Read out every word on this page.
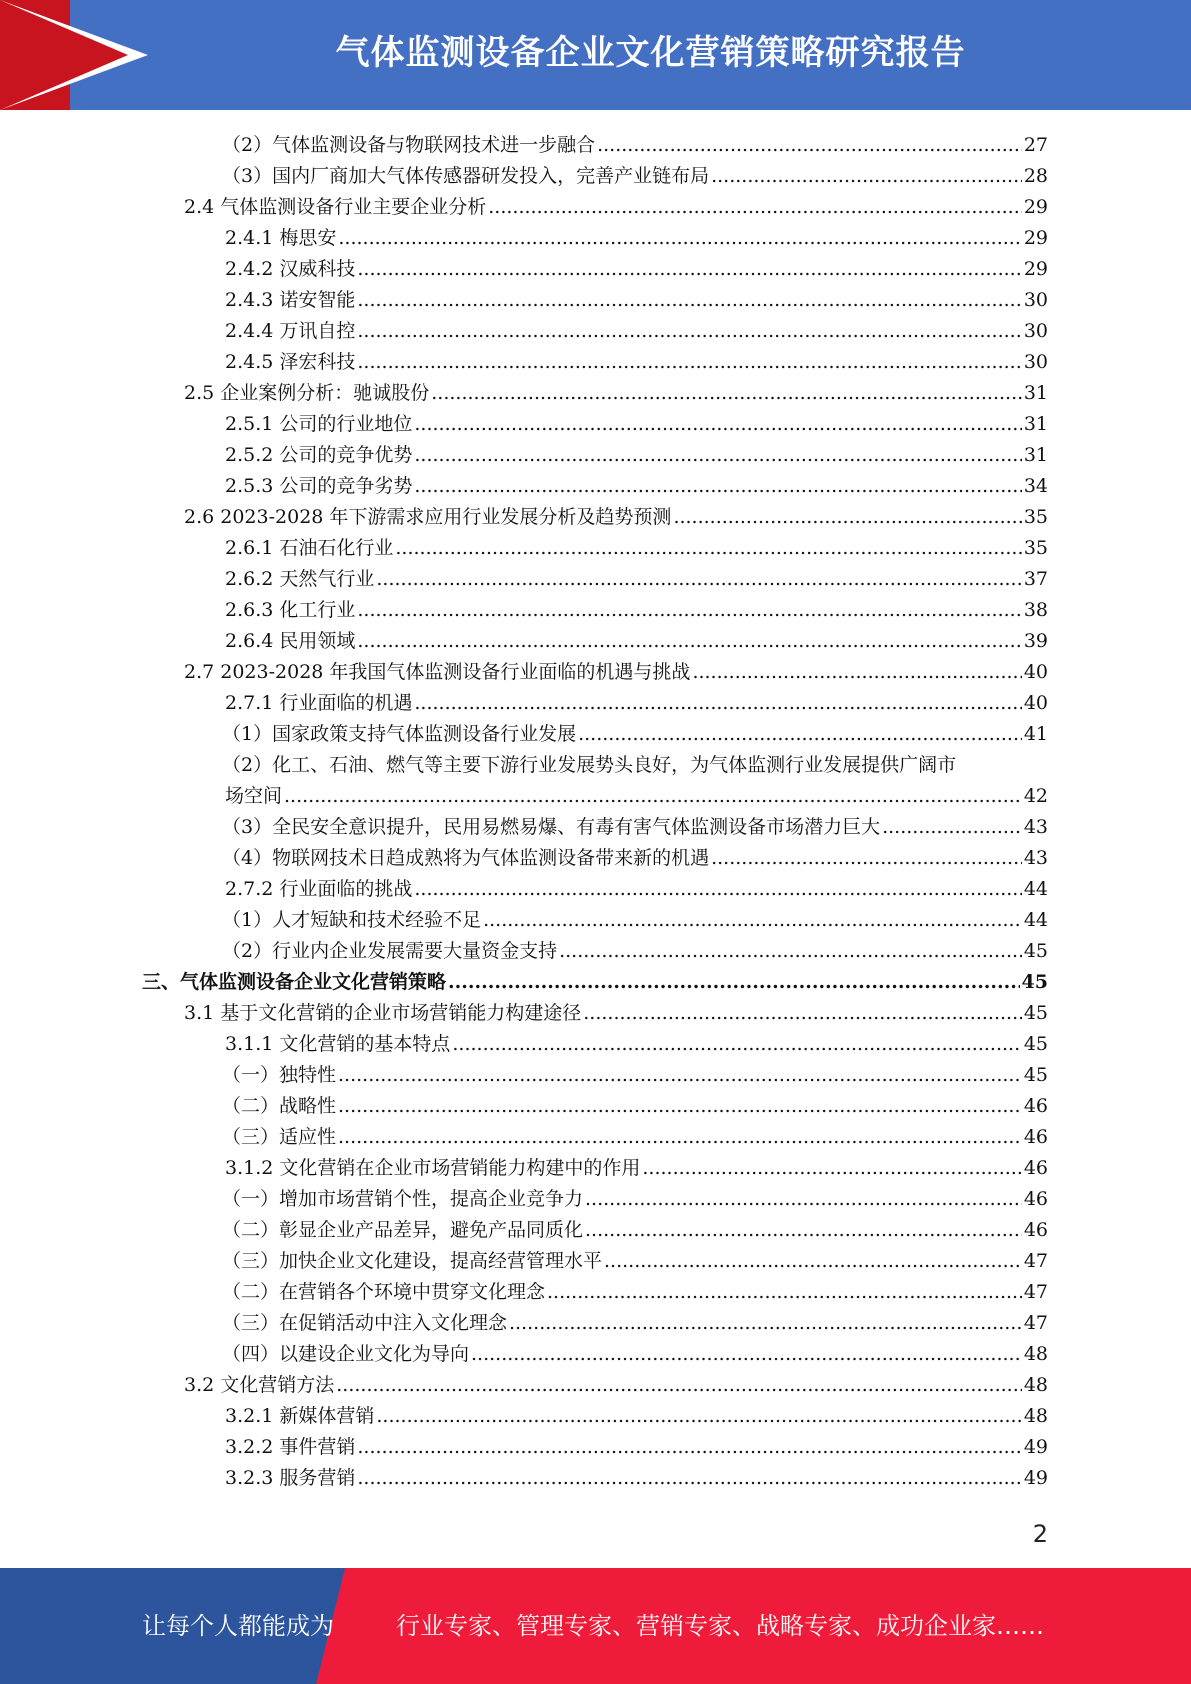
气体监测设备企业文化营销策略研究报告
（2）气体监测设备与物联网技术进一步融合 .....	27
（3）国内厂商加大气体传感器研发投入，完善产业链布局 .....	28
2.4 气体监测设备行业主要企业分析 .....	29
2.4.1 梅思安 .....	29
2.4.2 汉威科技 .....	29
2.4.3 诺安智能 .....	30
2.4.4 万讯自控 .....	30
2.4.5 泽宏科技 .....	30
2.5 企业案例分析：驰诚股份 .....	31
2.5.1 公司的行业地位 .....	31
2.5.2 公司的竞争优势 .....	31
2.5.3 公司的竞争劣势 .....	34
2.6 2023-2028 年下游需求应用行业发展分析及趋势预测 .....	35
2.6.1 石油石化行业 .....	35
2.6.2 天然气行业 .....	37
2.6.3 化工行业 .....	38
2.6.4 民用领域 .....	39
2.7 2023-2028 年我国气体监测设备行业面临的机遇与挑战 .....	40
2.7.1 行业面临的机遇 .....	40
（1）国家政策支持气体监测设备行业发展 .....	41
（2）化工、石油、燃气等主要下游行业发展势头良好，为气体监测行业发展提供广阔市
场空间 .....	42
（3）全民安全意识提升，民用易燃易爆、有毒有害气体监测设备市场潜力巨大 .....	43
（4）物联网技术日趋成熟将为气体监测设备带来新的机遇 .....	43
2.7.2 行业面临的挑战 .....	44
（1）人才短缺和技术经验不足 .....	44
（2）行业内企业发展需要大量资金支持 .....	45
三、气体监测设备企业文化营销策略 .....	45
3.1 基于文化营销的企业市场营销能力构建途径 .....	45
3.1.1 文化营销的基本特点 .....	45
（一）独特性 .....	45
（二）战略性 .....	46
（三）适应性 .....	46
3.1.2 文化营销在企业市场营销能力构建中的作用 .....	46
（一）增加市场营销个性，提高企业竞争力 .....	46
（二）彰显企业产品差异，避免产品同质化 .....	46
（三）加快企业文化建设，提高经营管理水平 .....	47
（二）在营销各个环境中贯穿文化理念 .....	47
（三）在促销活动中注入文化理念 .....	47
（四）以建设企业文化为导向 .....	48
3.2 文化营销方法 .....	48
3.2.1 新媒体营销 .....	48
3.2.2 事件营销 .....	49
3.2.3 服务营销 .....	49
2
让每个人都能成为	行业专家、管理专家、营销专家、战略专家、成功企业家……
